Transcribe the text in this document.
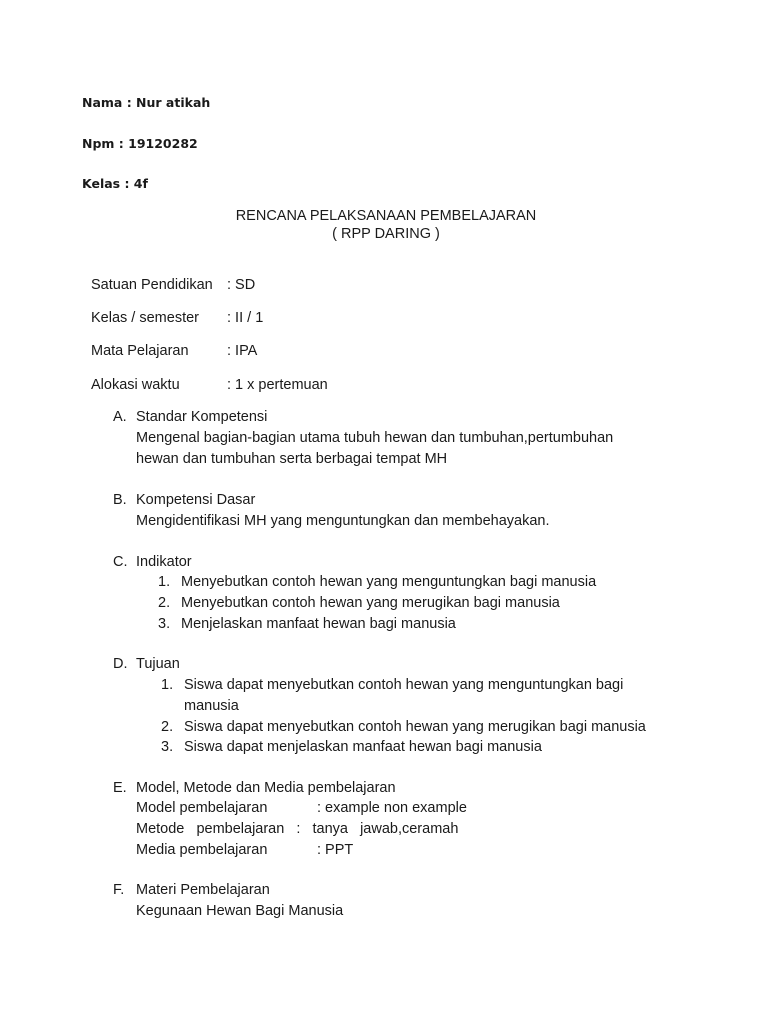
Nama : Nur atikah
Npm : 19120282
Kelas : 4f
RENCANA PELAKSANAAN PEMBELAJARAN
( RPP DARING )
Satuan Pendidikan : SD
Kelas / semester : II / 1
Mata Pelajaran	: IPA
Alokasi waktu	: 1 x pertemuan
A. Standar Kompetensi
Mengenal bagian-bagian utama tubuh hewan dan tumbuhan,pertumbuhan
hewan dan tumbuhan serta berbagai tempat MH
B. Kompetensi Dasar
Mengidentifikasi MH yang menguntungkan dan membehayakan.
C. Indikator
1. Menyebutkan contoh hewan yang menguntungkan bagi manusia
2. Menyebutkan contoh hewan yang merugikan bagi manusia
3. Menjelaskan manfaat hewan bagi manusia
D. Tujuan
1. Siswa dapat menyebutkan contoh hewan yang menguntungkan bagi
manusia
2. Siswa dapat menyebutkan contoh hewan yang merugikan bagi manusia
3. Siswa dapat menjelaskan manfaat hewan bagi manusia
E. Model, Metode dan Media pembelajaran
Model pembelajaran	: example non example
Metode   pembelajaran   :   tanya   jawab,ceramah
Media pembelajaran	: PPT
F. Materi Pembelajaran
Kegunaan Hewan Bagi Manusia
